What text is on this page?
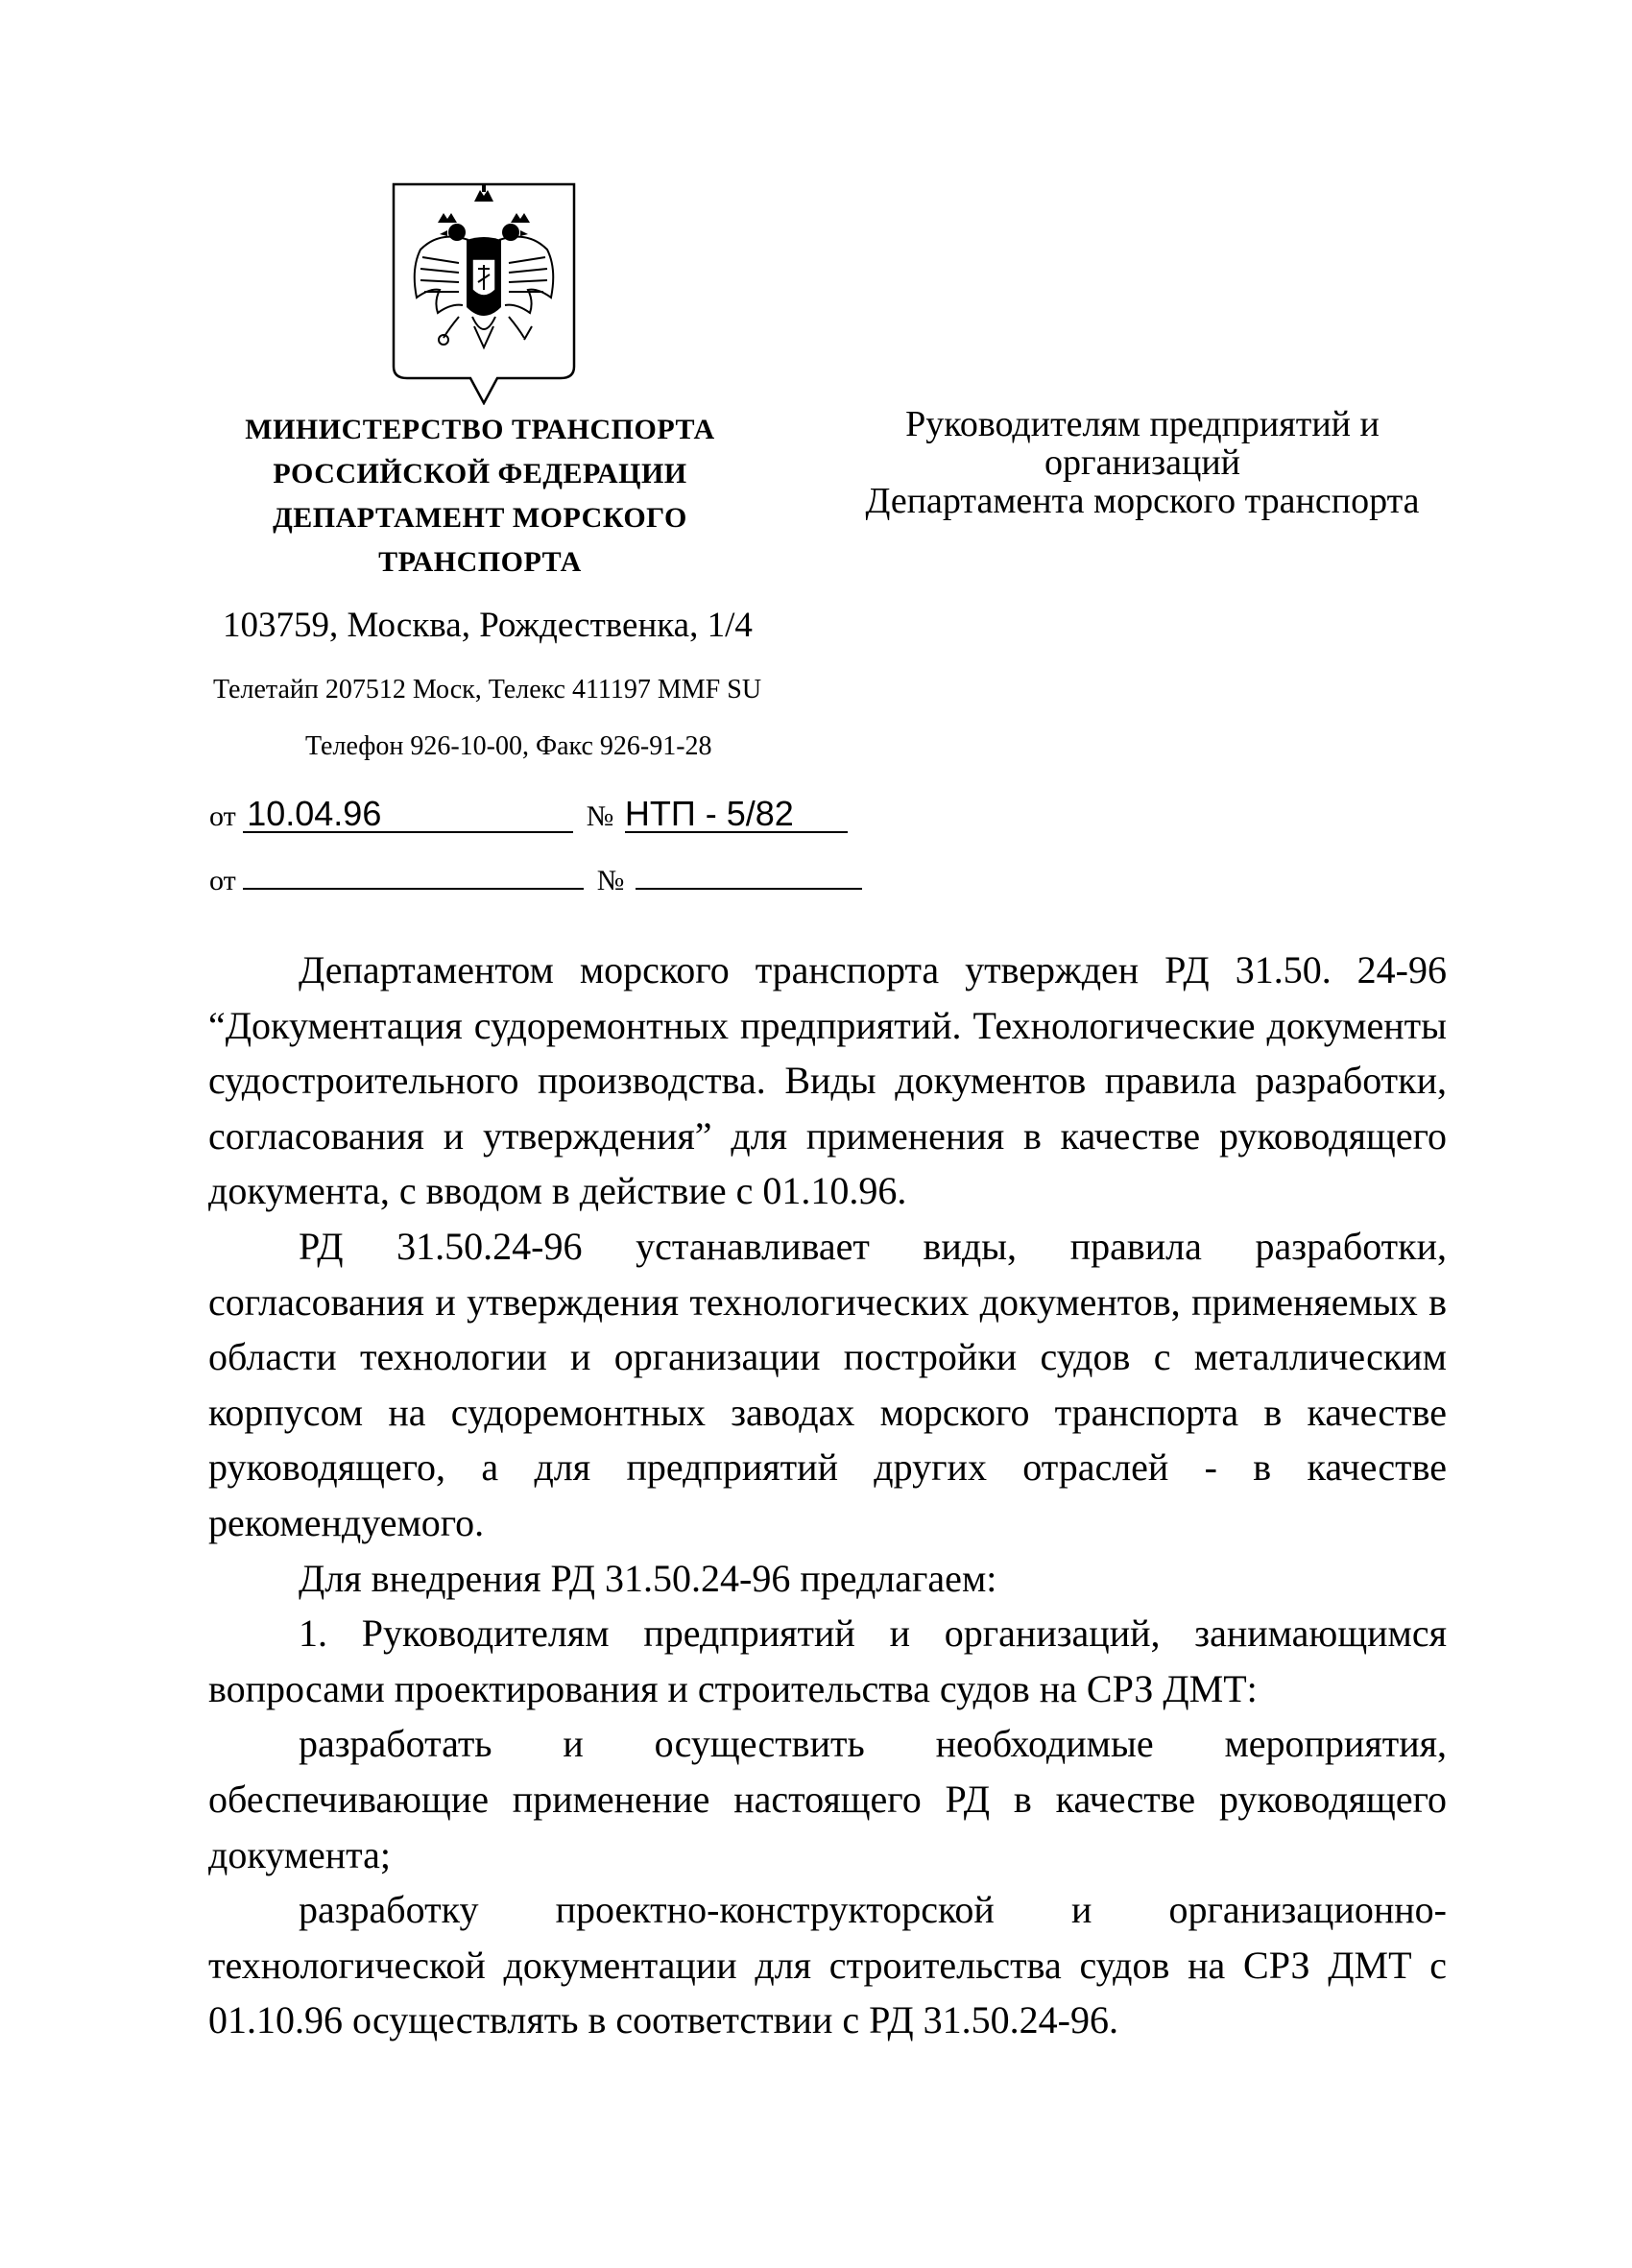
МИНИСТЕРСТВО ТРАНСПОРТА
РОССИЙСКОЙ ФЕДЕРАЦИИ
ДЕПАРТАМЕНТ МОРСКОГО
ТРАНСПОРТА
103759, Москва, Рождественка, 1/4
Телетайп 207512 Моск, Телекс 411197 MMF SU
Телефон 926-10-00, Факс 926-91-28
от 10.04.96	№ НТП - 5/82
от	№
Руководителям предприятий и
организаций
Департамента морского транспорта

Департаментом морского транспорта утвержден РД 31.50. 24-96 “Документация судоремонтных предприятий. Технологические документы судостроительного производства. Виды документов правила разработки, согласования и утверждения” для применения в качестве руководящего документа, с вводом в действие с 01.10.96.

РД 31.50.24-96 устанавливает виды, правила разработки, согласования и утверждения технологических документов, применяемых в области технологии и организации постройки судов с металлическим корпусом на судоремонтных заводах морского транспорта в качестве руководящего, а для предприятий других отраслей - в качестве рекомендуемого.

Для внедрения РД 31.50.24-96 предлагаем:

1. Руководителям предприятий и организаций, занимающимся вопросами проектирования и строительства судов на СРЗ ДМТ:

разработать и осуществить необходимые мероприятия, обеспечивающие применение настоящего РД в качестве руководящего документа;

разработку проектно-конструкторской и организационно-технологической документации для строительства судов на СРЗ ДМТ с 01.10.96 осуществлять в соответствии с РД 31.50.24-96.
